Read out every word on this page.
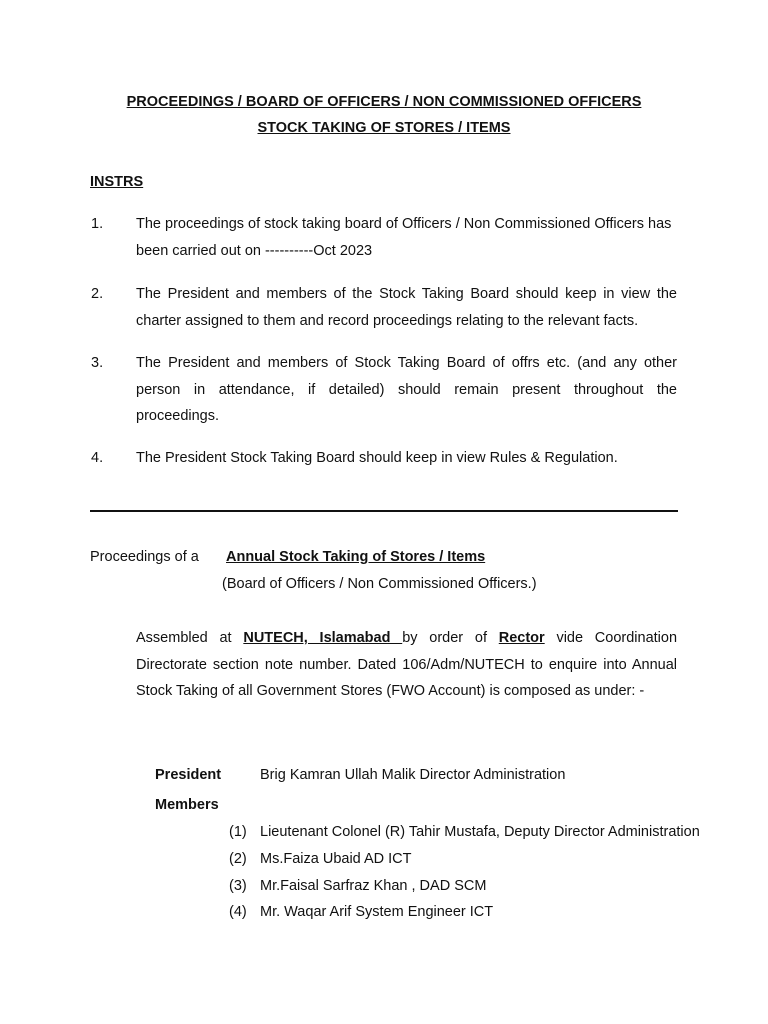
PROCEEDINGS / BOARD OF OFFICERS / NON COMMISSIONED OFFICERS
STOCK TAKING OF STORES / ITEMS
INSTRS
1. The proceedings of stock taking board of Officers / Non Commissioned Officers has been carried out on ----------Oct 2023
2. The President and members of the Stock Taking Board should keep in view the charter assigned to them and record proceedings relating to the relevant facts.
3. The President and members of Stock Taking Board of offrs etc. (and any other person in attendance, if detailed) should remain present throughout the proceedings.
4. The President Stock Taking Board should keep in view Rules & Regulation.
Proceedings of a Annual Stock Taking of Stores / Items
(Board of Officers / Non Commissioned Officers.)
Assembled at NUTECH, Islamabad by order of Rector vide Coordination Directorate section note number. Dated 106/Adm/NUTECH to enquire into Annual Stock Taking of all Government Stores (FWO Account) is composed as under: -
President	Brig Kamran Ullah Malik Director Administration
Members
(1) Lieutenant Colonel (R) Tahir Mustafa, Deputy Director Administration
(2) Ms.Faiza Ubaid AD ICT
(3) Mr.Faisal Sarfraz Khan , DAD SCM
(4) Mr. Waqar Arif System Engineer ICT
